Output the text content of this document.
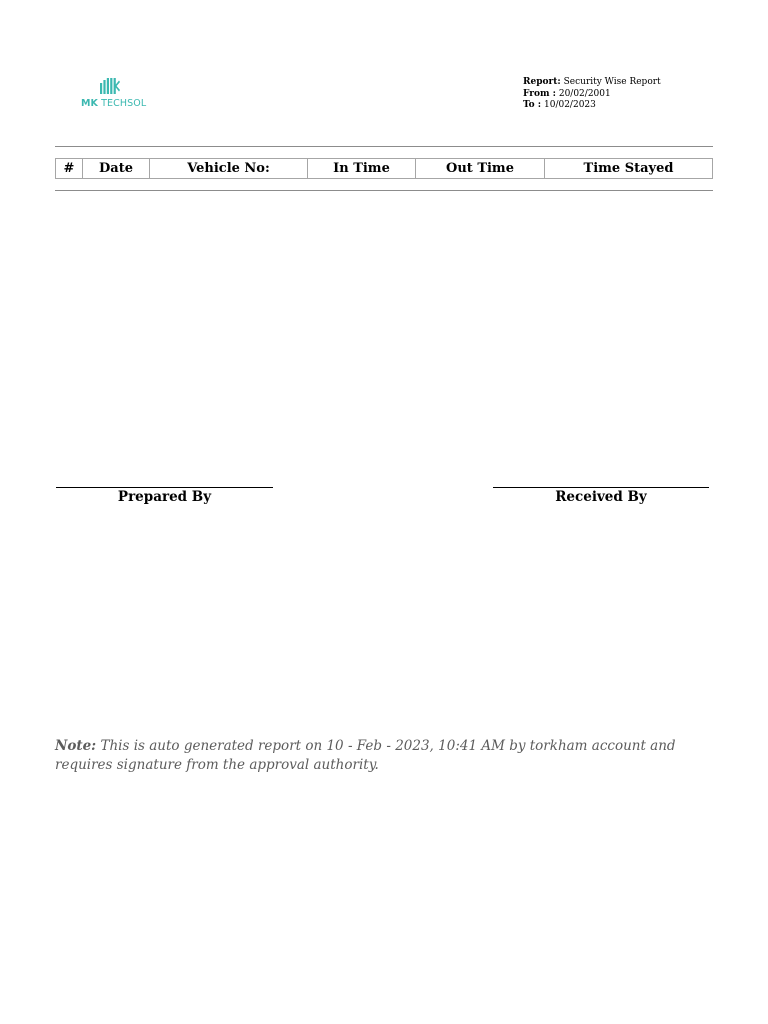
MK TECHSOL
Report: Security Wise Report
From : 20/02/2001
To : 10/02/2023
#	Date	Vehicle No:	In Time	Out Time	Time Stayed
Prepared By	Received By
Note: This is auto generated report on 10 - Feb - 2023, 10:41 AM by torkham account and requires signature from the approval authority.
